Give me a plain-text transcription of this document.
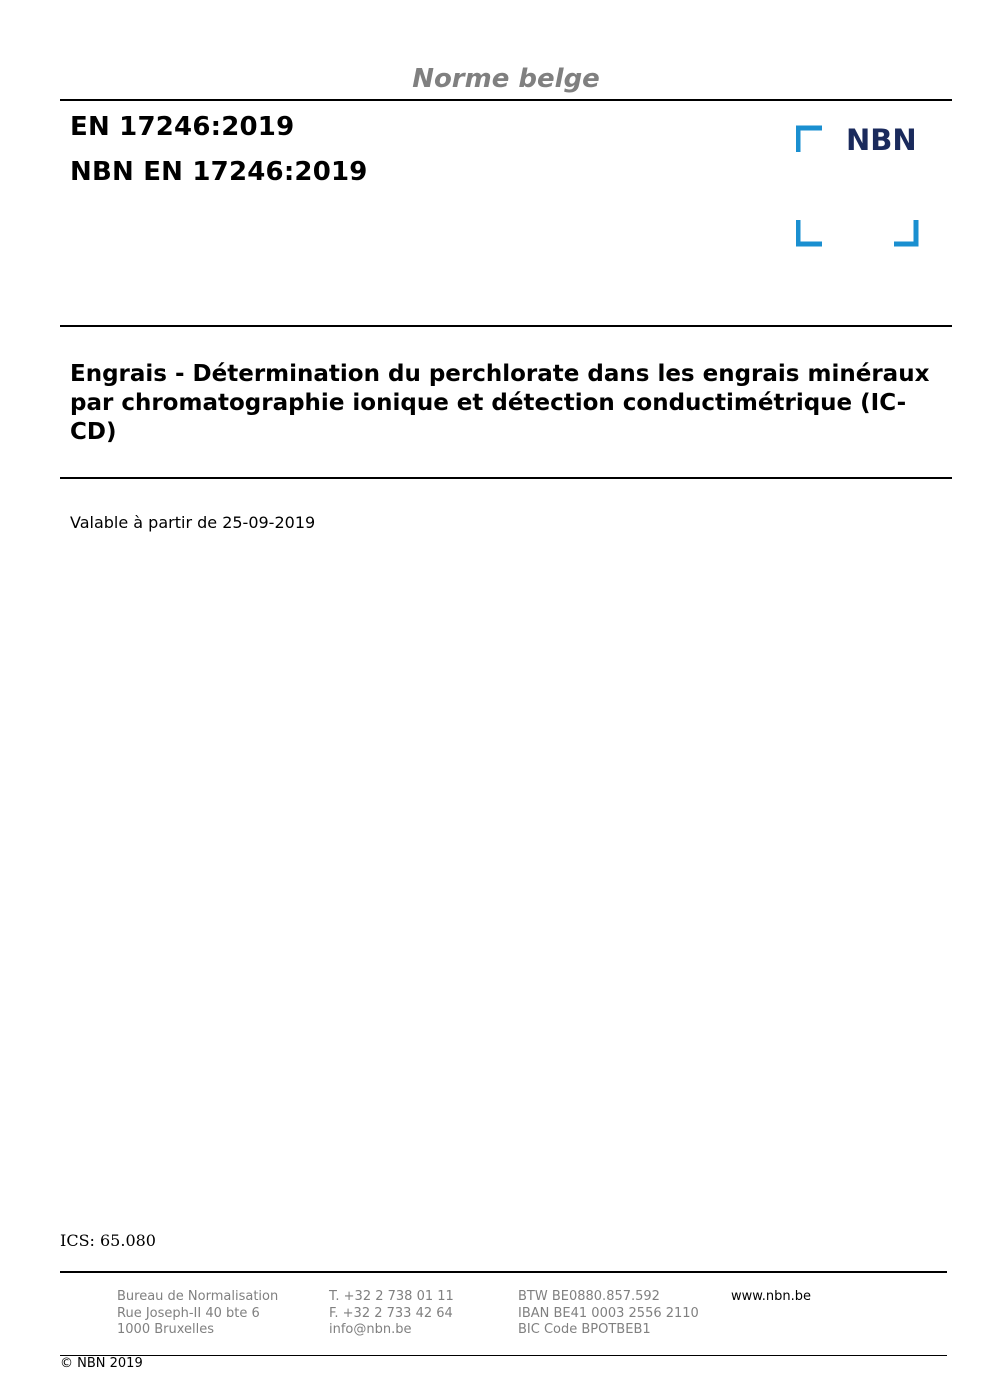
Norme belge
EN 17246:2019
NBN EN 17246:2019
NBN
Engrais - Détermination du perchlorate dans les engrais minéraux
par chromatographie ionique et détection conductimétrique (IC-
CD)
Valable à partir de 25-09-2019
ICS: 65.080
Bureau de Normalisation
Rue Joseph-II 40 bte 6
1000 Bruxelles
T. +32 2 738 01 11
F. +32 2 733 42 64
info@nbn.be
BTW BE0880.857.592
IBAN BE41 0003 2556 2110
BIC Code BPOTBEB1
www.nbn.be
© NBN 2019
